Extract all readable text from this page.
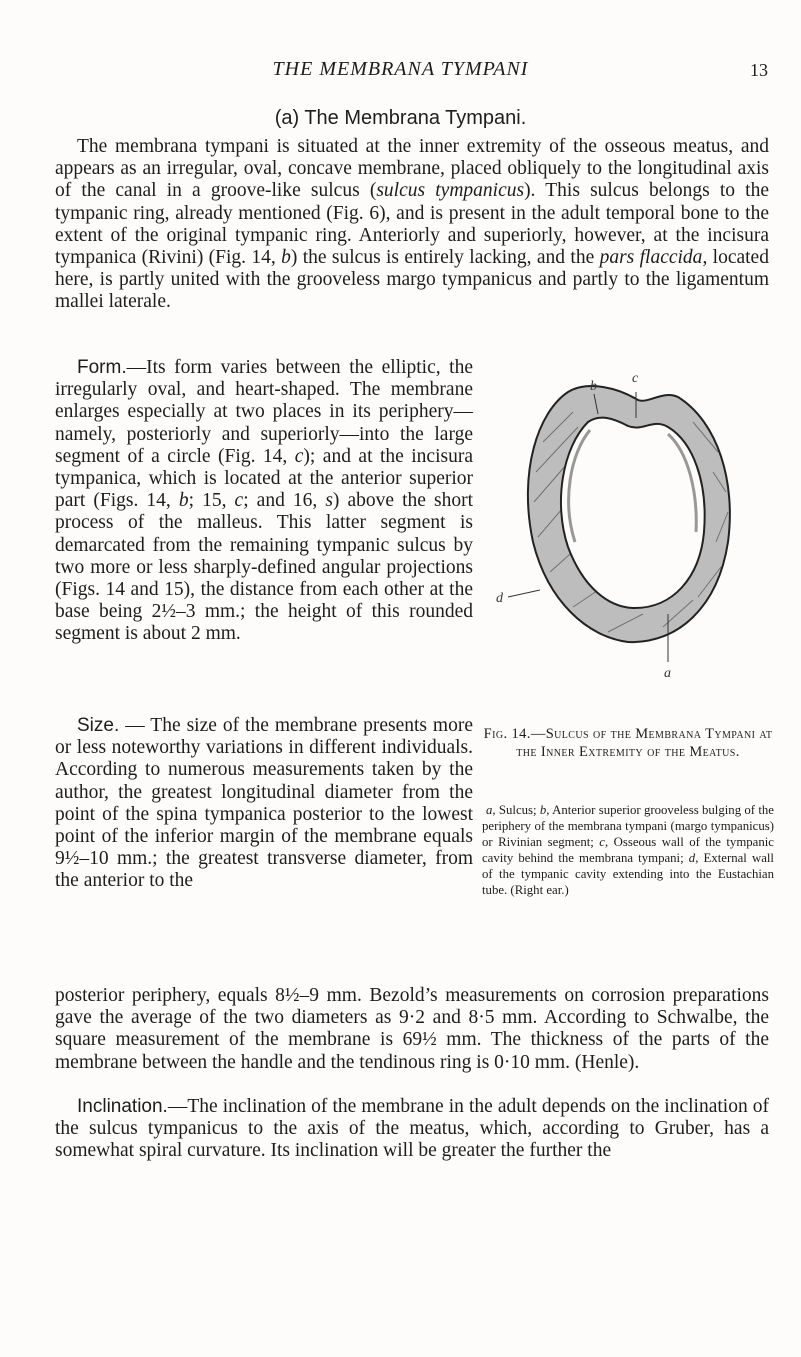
THE MEMBRANA TYMPANI	13
(a) The Membrana Tympani.

The membrana tympani is situated at the inner extremity of the osseous meatus, and appears as an irregular, oval, concave membrane, placed obliquely to the longitudinal axis of the canal in a groove-like sulcus (sulcus tympanicus). This sulcus belongs to the tympanic ring, already mentioned (Fig. 6), and is present in the adult temporal bone to the extent of the original tympanic ring. Anteriorly and superiorly, however, at the incisura tympanica (Rivini) (Fig. 14, b) the sulcus is entirely lacking, and the pars flaccida, located here, is partly united with the grooveless margo tympanicus and partly to the ligamentum mallei laterale.

Form.—Its form varies between the elliptic, the irregularly oval, and heart-shaped. The membrane enlarges especially at two places in its periphery—namely, posteriorly and superiorly—into the large segment of a circle (Fig. 14, c); and at the incisura tympanica, which is located at the anterior superior part (Figs. 14, b; 15, c; and 16, s) above the short process of the malleus. This latter segment is demarcated from the remaining tympanic sulcus by two more or less sharply-defined angular projections (Figs. 14 and 15), the distance from each other at the base being 2½–3 mm.; the height of this rounded segment is about 2 mm.

Size. — The size of the membrane presents more or less noteworthy variations in different individuals. According to numerous measurements taken by the author, the greatest longitudinal diameter from the point of the spina tympanica posterior to the lowest point of the inferior margin of the membrane equals 9½–10 mm.; the greatest transverse diameter, from the anterior to the

posterior periphery, equals 8½–9 mm. Bezold’s measurements on corrosion preparations gave the average of the two diameters as 9·2 and 8·5 mm. According to Schwalbe, the square measurement of the membrane is 69½ mm. The thickness of the parts of the membrane between the handle and the tendinous ring is 0·10 mm. (Henle).

Inclination.—The inclination of the membrane in the adult depends on the inclination of the sulcus tympanicus to the axis of the meatus, which, according to Gruber, has a somewhat spiral curvature. Its inclination will be greater the further the

b
c
d
a
Fig. 14.—Sulcus of the Membrana Tympani at the Inner Extremity of the Meatus.
a, Sulcus; b, Anterior superior grooveless bulging of the periphery of the membrana tympani (margo tympanicus) or Rivinian segment; c, Osseous wall of the tympanic cavity behind the membrana tympani; d, External wall of the tympanic cavity extending into the Eustachian tube. (Right ear.)
